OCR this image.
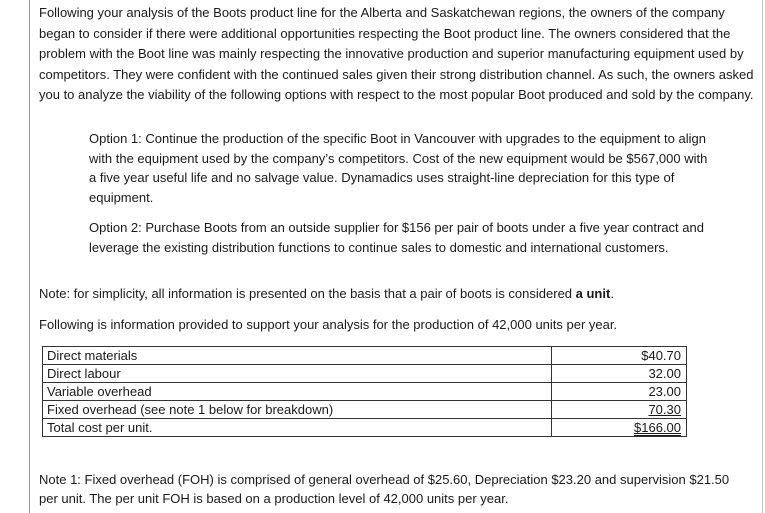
Following your analysis of the Boots product line for the Alberta and Saskatchewan regions, the owners of the company began to consider if there were additional opportunities respecting the Boot product line. The owners considered that the problem with the Boot line was mainly respecting the innovative production and superior manufacturing equipment used by competitors. They were confident with the continued sales given their strong distribution channel. As such, the owners asked you to analyze the viability of the following options with respect to the most popular Boot produced and sold by the company.

Option 1: Continue the production of the specific Boot in Vancouver with upgrades to the equipment to align with the equipment used by the company’s competitors. Cost of the new equipment would be $567,000 with a five year useful life and no salvage value. Dynamadics uses straight-line depreciation for this type of equipment.

Option 2: Purchase Boots from an outside supplier for $156 per pair of boots under a five year contract and leverage the existing distribution functions to continue sales to domestic and international customers.

Note: for simplicity, all information is presented on the basis that a pair of boots is considered a unit.

Following is information provided to support your analysis for the production of 42,000 units per year.

Direct materials	$40.70
Direct labour	32.00
Variable overhead	23.00
Fixed overhead (see note 1 below for breakdown)	70.30
Total cost per unit.	$166.00

Note 1: Fixed overhead (FOH) is comprised of general overhead of $25.60, Depreciation $23.20 and supervision $21.50 per unit. The per unit FOH is based on a production level of 42,000 units per year.
